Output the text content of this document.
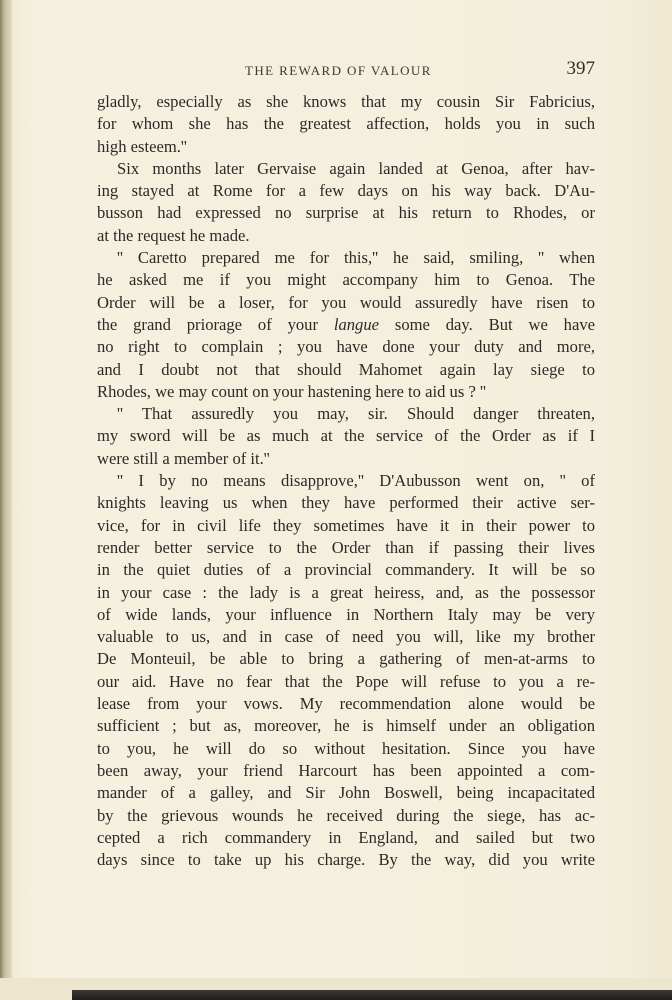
THE REWARD OF VALOUR	397
gladly, especially as she knows that my cousin Sir Fabricius,
for whom she has the greatest affection, holds you in such
high esteem.''
Six months later Gervaise again landed at Genoa, after hav-
ing stayed at Rome for a few days on his way back. D'Au-
busson had expressed no surprise at his return to Rhodes, or
at the request he made.
'' Caretto prepared me for this,'' he said, smiling, '' when
he asked me if you might accompany him to Genoa. The
Order will be a loser, for you would assuredly have risen to
the grand priorage of your langue some day. But we have
no right to complain ; you have done your duty and more,
and I doubt not that should Mahomet again lay siege to
Rhodes, we may count on your hastening here to aid us ? ''
'' That assuredly you may, sir. Should danger threaten,
my sword will be as much at the service of the Order as if I
were still a member of it.''
'' I by no means disapprove,'' D'Aubusson went on, '' of
knights leaving us when they have performed their active ser-
vice, for in civil life they sometimes have it in their power to
render better service to the Order than if passing their lives
in the quiet duties of a provincial commandery. It will be so
in your case : the lady is a great heiress, and, as the possessor
of wide lands, your influence in Northern Italy may be very
valuable to us, and in case of need you will, like my brother
De Monteuil, be able to bring a gathering of men-at-arms to
our aid. Have no fear that the Pope will refuse to you a re-
lease from your vows. My recommendation alone would be
sufficient ; but as, moreover, he is himself under an obligation
to you, he will do so without hesitation. Since you have
been away, your friend Harcourt has been appointed a com-
mander of a galley, and Sir John Boswell, being incapacitated
by the grievous wounds he received during the siege, has ac-
cepted a rich commandery in England, and sailed but two
days since to take up his charge. By the way, did you write
